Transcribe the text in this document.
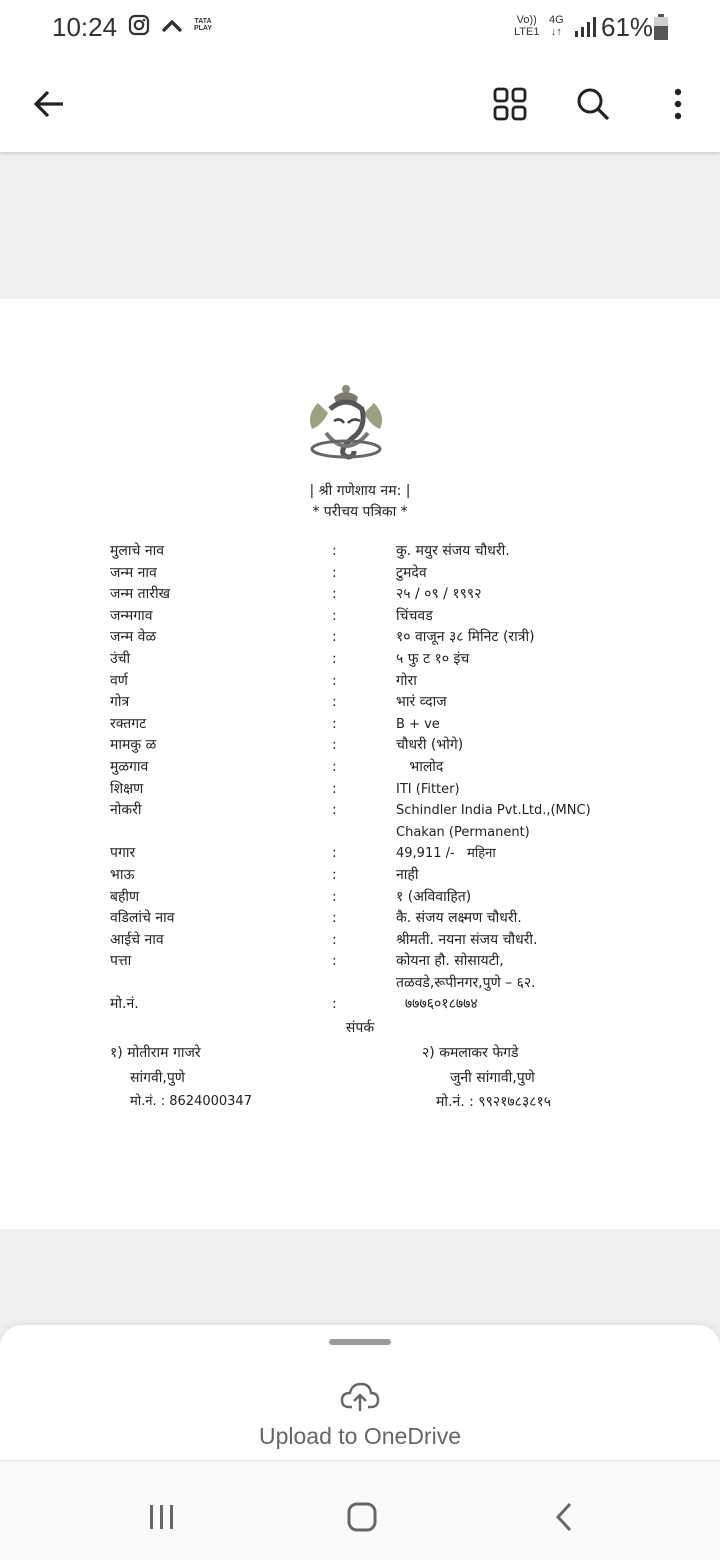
10:24	TATA
PLAY
Vo))
LTE1
4G
↓↑ 61%
| श्री गणेशाय नम: |
* परीचय पत्रिका *
मुलाचे नाव	:	कु. मयुर संजय चौधरी.
जन्म नाव	:	टुमदेव
जन्म तारीख	:	२५ / ०९ / १९९२
जन्मगाव	:	चिंचवड
जन्म वेळ	:	१० वाजून ३८ मिनिट (रात्री)
उंची	:	५ फु ट १० इंच
वर्ण	:	गोरा
गोत्र	:	भारं व्दाज
रक्तगट	:	B + ve
मामकु ळ	:	चौधरी (भोगे)
मुळगाव	:	भालोद
शिक्षण	:	ITI (Fitter)
नोकरी	:	Schindler India Pvt.Ltd.,(MNC)
Chakan (Permanent)
पगार	:	49,911 /-   महिना
भाऊ	:	नाही
बहीण	:	१ (अविवाहित)
वडिलांचे नाव	:	कै. संजय लक्ष्मण चौधरी.
आईचे नाव	:	श्रीमती. नयना संजय चौधरी.
पत्ता	:	कोयना हौ. सोसायटी,
तळवडे,रूपीनगर,पुणे – ६२.
मो.नं.	:	७७७६०१८७७४
संपर्क
१) मोतीराम गाजरे
सांगवी,पुणे
मो.नं. : 8624000347
२) कमलाकर फेगडे
जुनी सांगावी,पुणे
मो.नं. : ९९२१७८३८१५
Upload to OneDrive
